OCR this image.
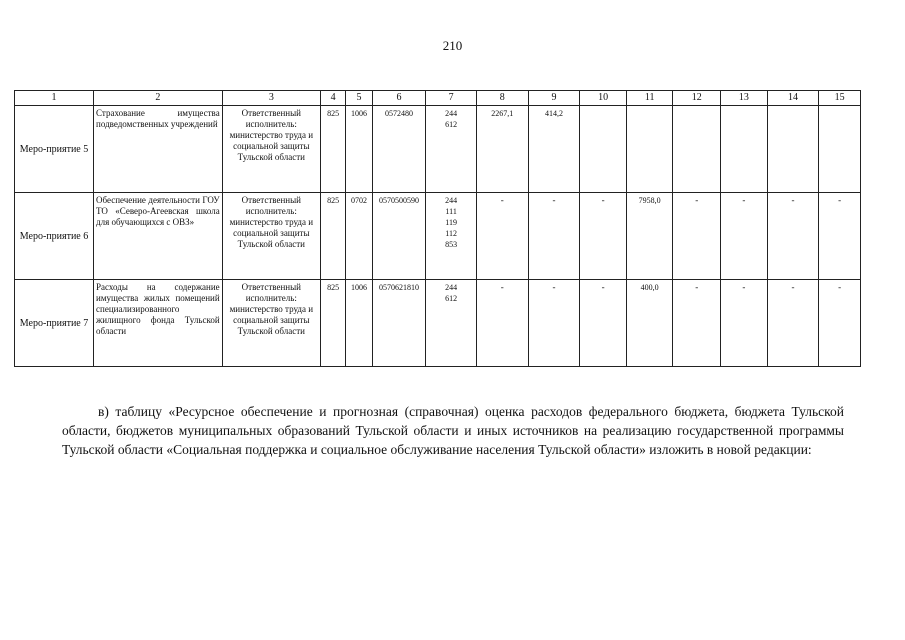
210
1	2	3	4	5	6	7	8	9	10	11	12	13	14	15
Меро-приятие 5	Страхование имущества подведомственных учреждений	Ответственный исполнитель: министерство труда и социальной защиты Тульской области	825	1006	0572480	244
612	2267,1	414,2						
Меро-приятие 6	Обеспечение деятельности ГОУ ТО «Северо-Агеевская школа для обучающихся с ОВЗ»	Ответственный исполнитель: министерство труда и социальной защиты Тульской области	825	0702	0570500590	244
111
119
112
853	-	-	-	7958,0	-	-	-	-
Меро-приятие 7	Расходы на содержание имущества жилых помещений специализированного жилищного фонда Тульской области	Ответственный исполнитель: министерство труда и социальной защиты Тульской области	825	1006	0570621810	244
612	-	-	-	400,0	-	-	-	-
в) таблицу «Ресурсное обеспечение и прогнозная (справочная) оценка расходов федерального бюджета, бюджета Тульской области, бюджетов муниципальных образований Тульской области и иных источников на реализацию государственной программы Тульской области «Социальная поддержка и социальное обслуживание населения Тульской области» изложить в новой редакции:
